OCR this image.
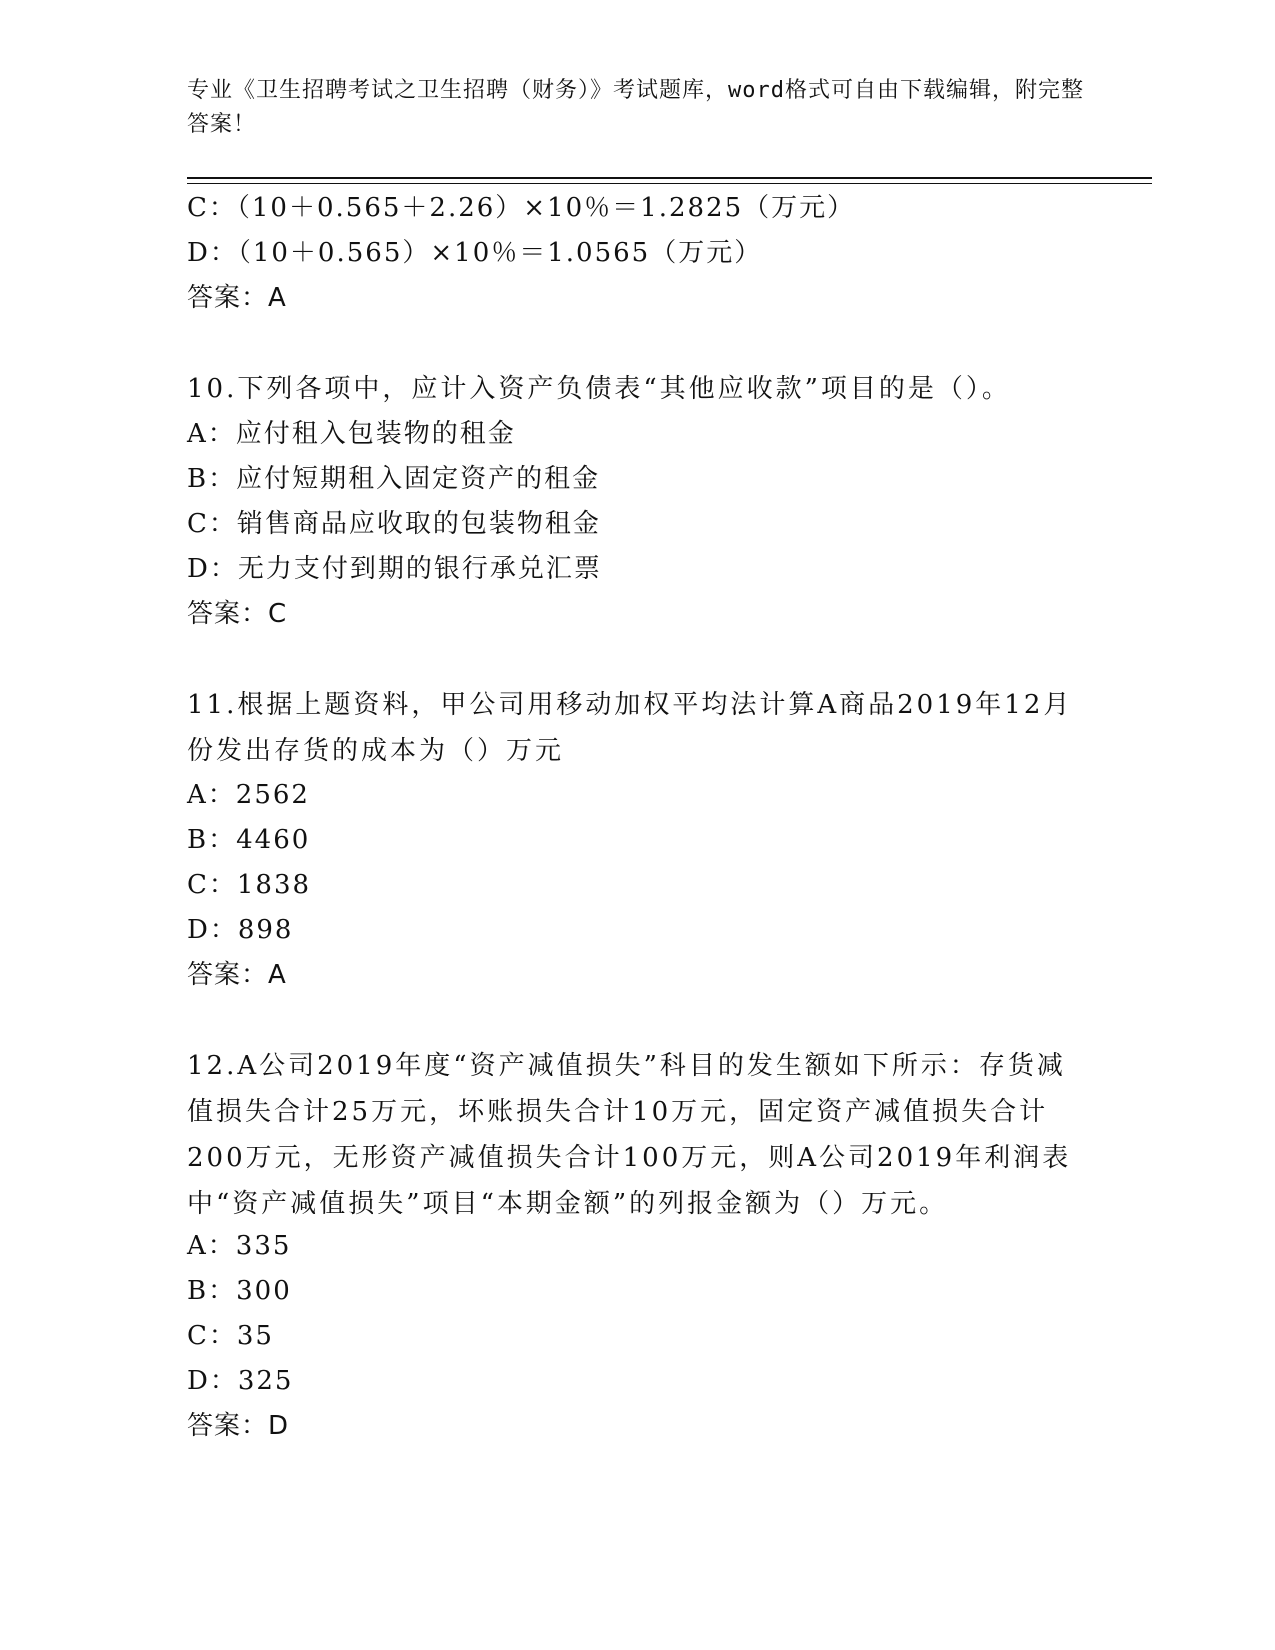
专业《卫生招聘考试之卫生招聘（财务）》考试题库，word格式可自由下载编辑，附完整答案！
C：（10＋0.565＋2.26）×10％＝1.2825（万元）
D：（10＋0.565）×10％＝1.0565（万元）
答案：A
10.下列各项中，应计入资产负债表“其他应收款”项目的是（）。
A：应付租入包装物的租金
B：应付短期租入固定资产的租金
C：销售商品应收取的包装物租金
D：无力支付到期的银行承兑汇票
答案：C
11.根据上题资料，甲公司用移动加权平均法计算A商品2019年12月份发出存货的成本为（）万元
A：2562
B：4460
C：1838
D：898
答案：A
12.A公司2019年度“资产减值损失”科目的发生额如下所示：存货减值损失合计25万元，坏账损失合计10万元，固定资产减值损失合计200万元，无形资产减值损失合计100万元，则A公司2019年利润表中“资产减值损失”项目“本期金额”的列报金额为（）万元。
A：335
B：300
C：35
D：325
答案：D
